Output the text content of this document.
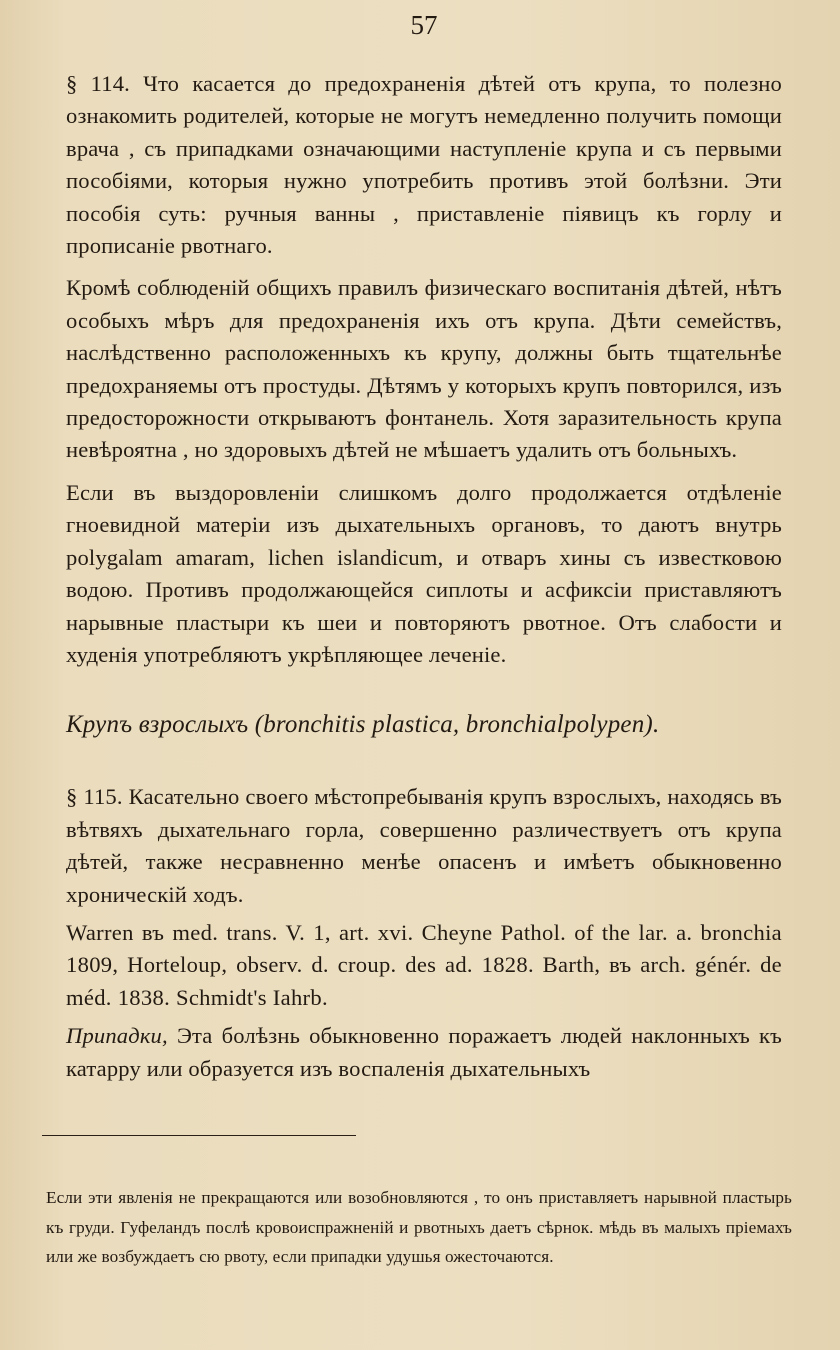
57

§ 114. Что касается до предохраненія дѣтей отъ крупа, то полезно ознакомить родителей, которые не могутъ немедленно получить помощи врача , съ припадками означающими наступленіе крупа и съ первыми пособіями, которыя нужно употребить противъ этой болѣзни. Эти пособія суть: ручныя ванны , приставленіе піявицъ къ горлу и прописаніе рвотнаго.

Кромѣ соблюденій общихъ правилъ физическаго воспитанія дѣтей, нѣтъ особыхъ мѣръ для предохраненія ихъ отъ крупа. Дѣти семействъ, наслѣдственно расположенныхъ къ крупу, должны быть тщательнѣе предохраняемы отъ простуды. Дѣтямъ у которыхъ крупъ повторился, изъ предосторожности открываютъ фонтанель. Хотя заразительность крупа невѣроятна , но здоровыхъ дѣтей не мѣшаетъ удалить отъ больныхъ.

Если въ выздоровленіи слишкомъ долго продолжается отдѣленіе гноевидной матеріи изъ дыхательныхъ органовъ, то даютъ внутрь polygalam amaram, lichen islandicum, и отваръ хины съ известковою водою. Противъ продолжающейся сиплоты и асфиксіи приставляютъ нарывные пластыри къ шеи и повторяютъ рвотное. Отъ слабости и худенія употребляютъ укрѣпляющее леченіе.

Крупъ взрослыхъ (bronchitis plastica, bronchialpolypen).

§ 115. Касательно своего мѣстопребыванія крупъ взрослыхъ, находясь въ вѣтвяхъ дыхательнаго горла, совершенно различествуетъ отъ крупа дѣтей, также несравненно менѣе опасенъ и имѣетъ обыкновенно хроническій ходъ.

Warren въ med. trans. V. 1, art. xvi. Cheyne Pathol. of the lar. a. bronchia 1809, Horteloup, observ. d. croup. des ad. 1828. Barth, въ arch. génér. de méd. 1838. Schmidt's Iahrb.

Припадки, Эта болѣзнь обыкновенно поражаетъ людей наклонныхъ къ катарру или образуется изъ воспаленія дыхательныхъ

Если эти явленія не прекращаются или возобновляются , то онъ приставляетъ нарывной пластырь къ груди. Гуфеландъ послѣ кровоиспражненій и рвотныхъ даетъ сѣрнок. мѣдь въ малыхъ пріемахъ или же возбуждаетъ сю рвоту, если припадки удушья ожесточаются.
